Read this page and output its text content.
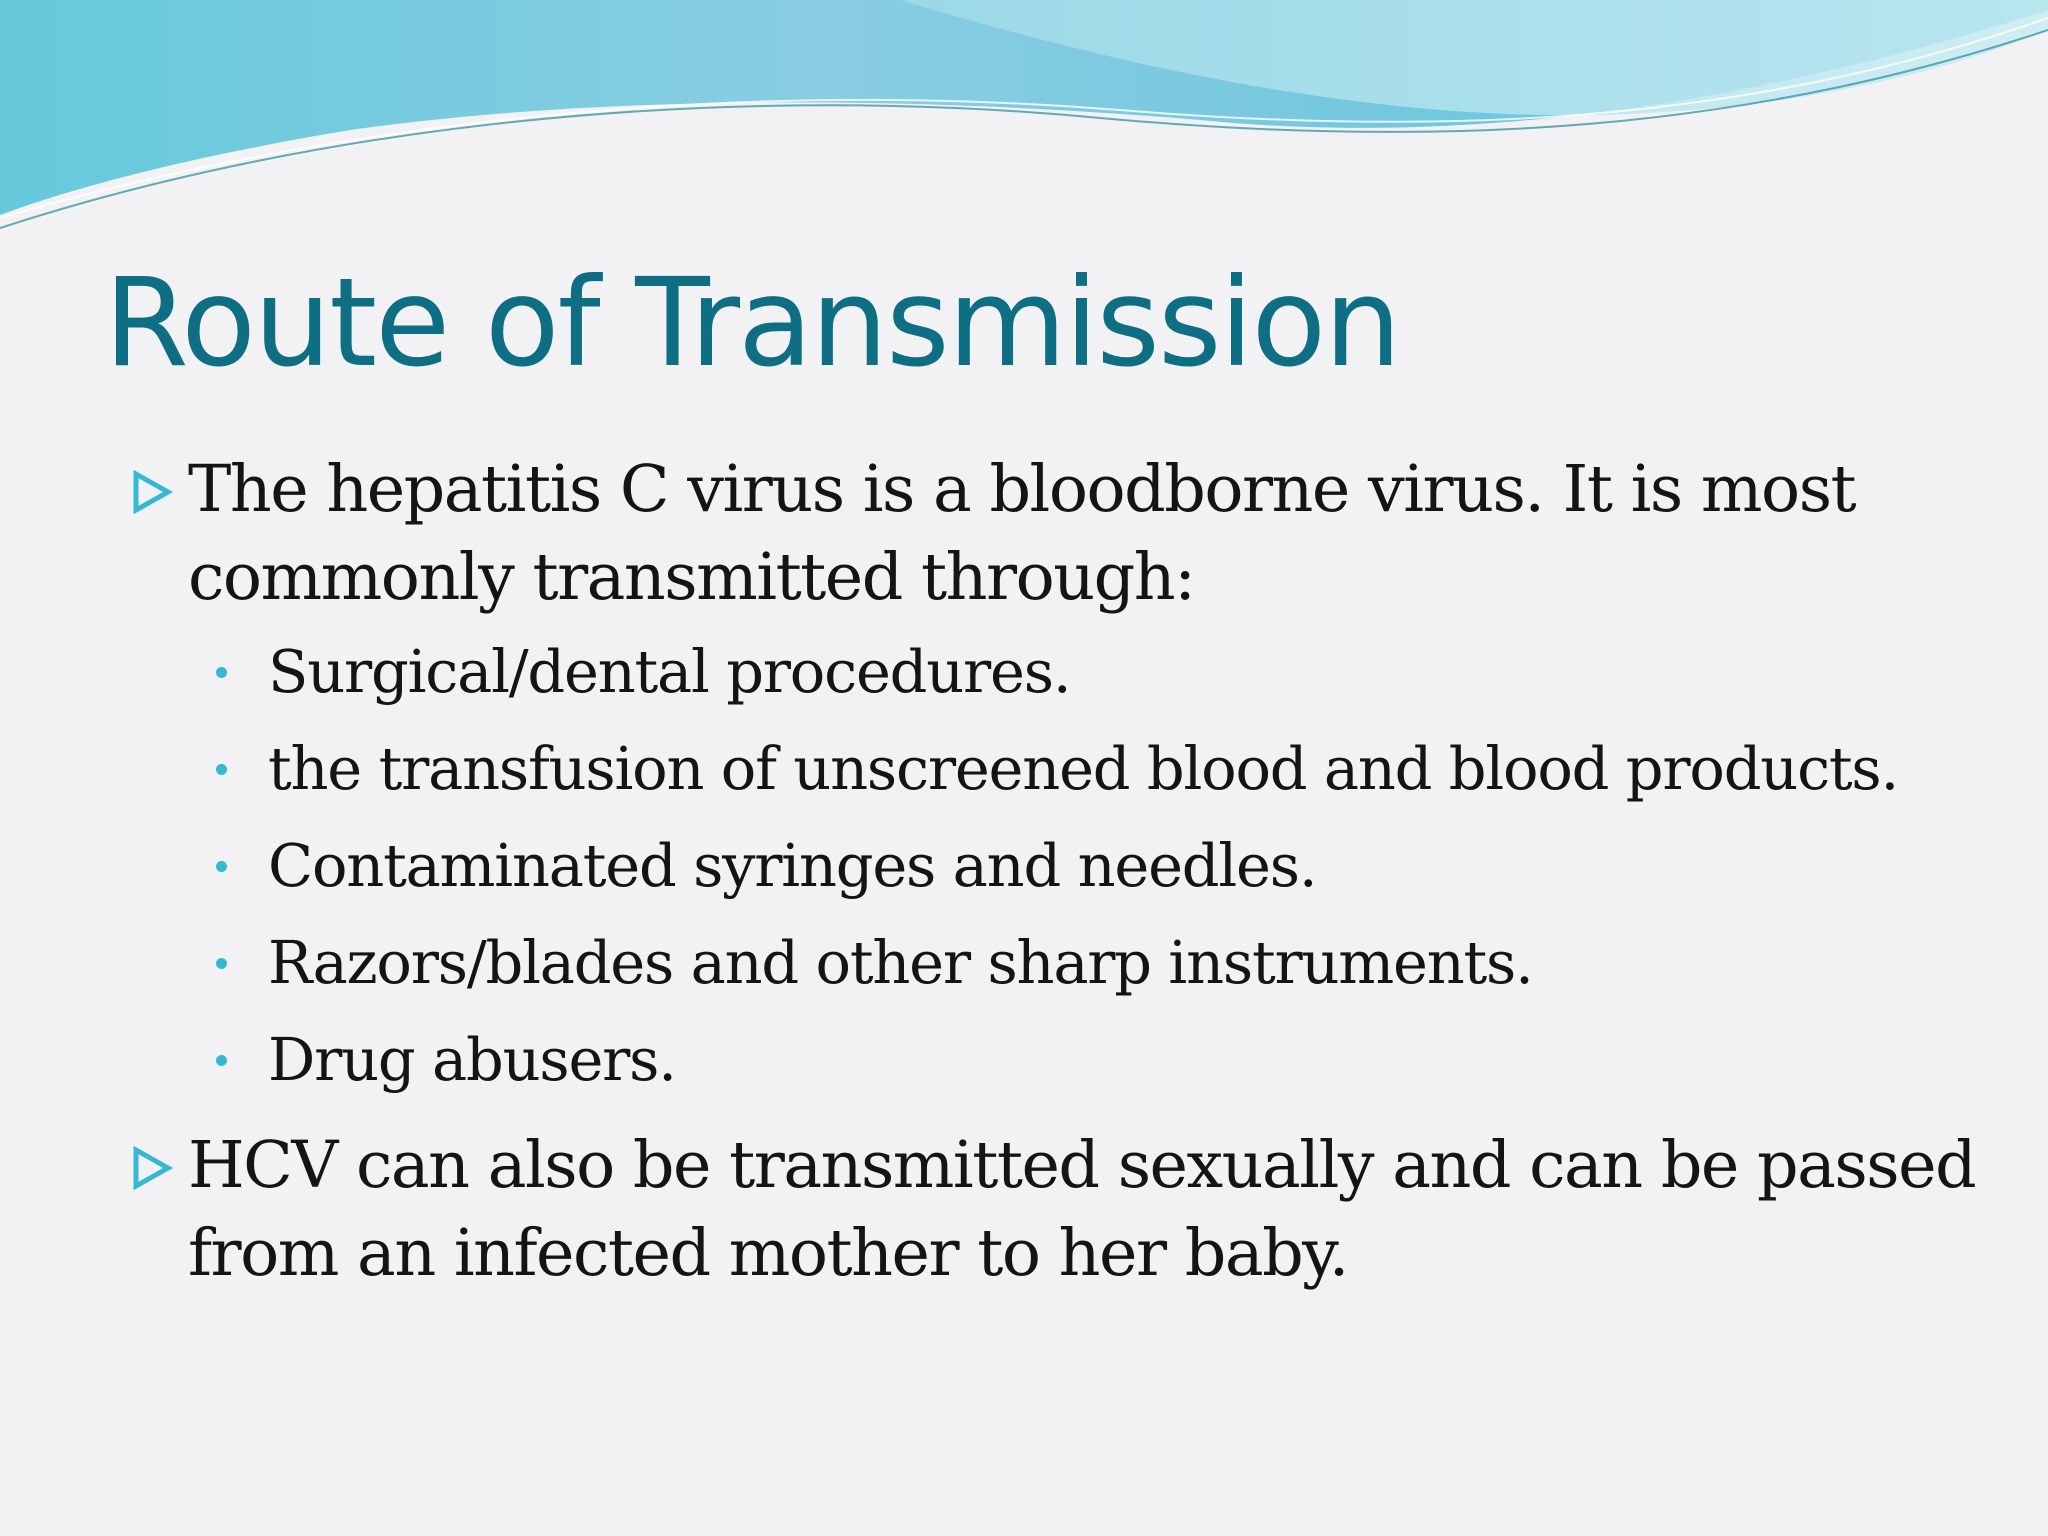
Route of Transmission
The hepatitis C virus is a bloodborne virus. It is most commonly transmitted through:
Surgical/dental procedures.
the transfusion of unscreened blood and blood products.
Contaminated syringes and needles.
Razors/blades and other sharp instruments.
Drug abusers.
HCV can also be transmitted sexually and can be passed from an infected mother to her baby.
